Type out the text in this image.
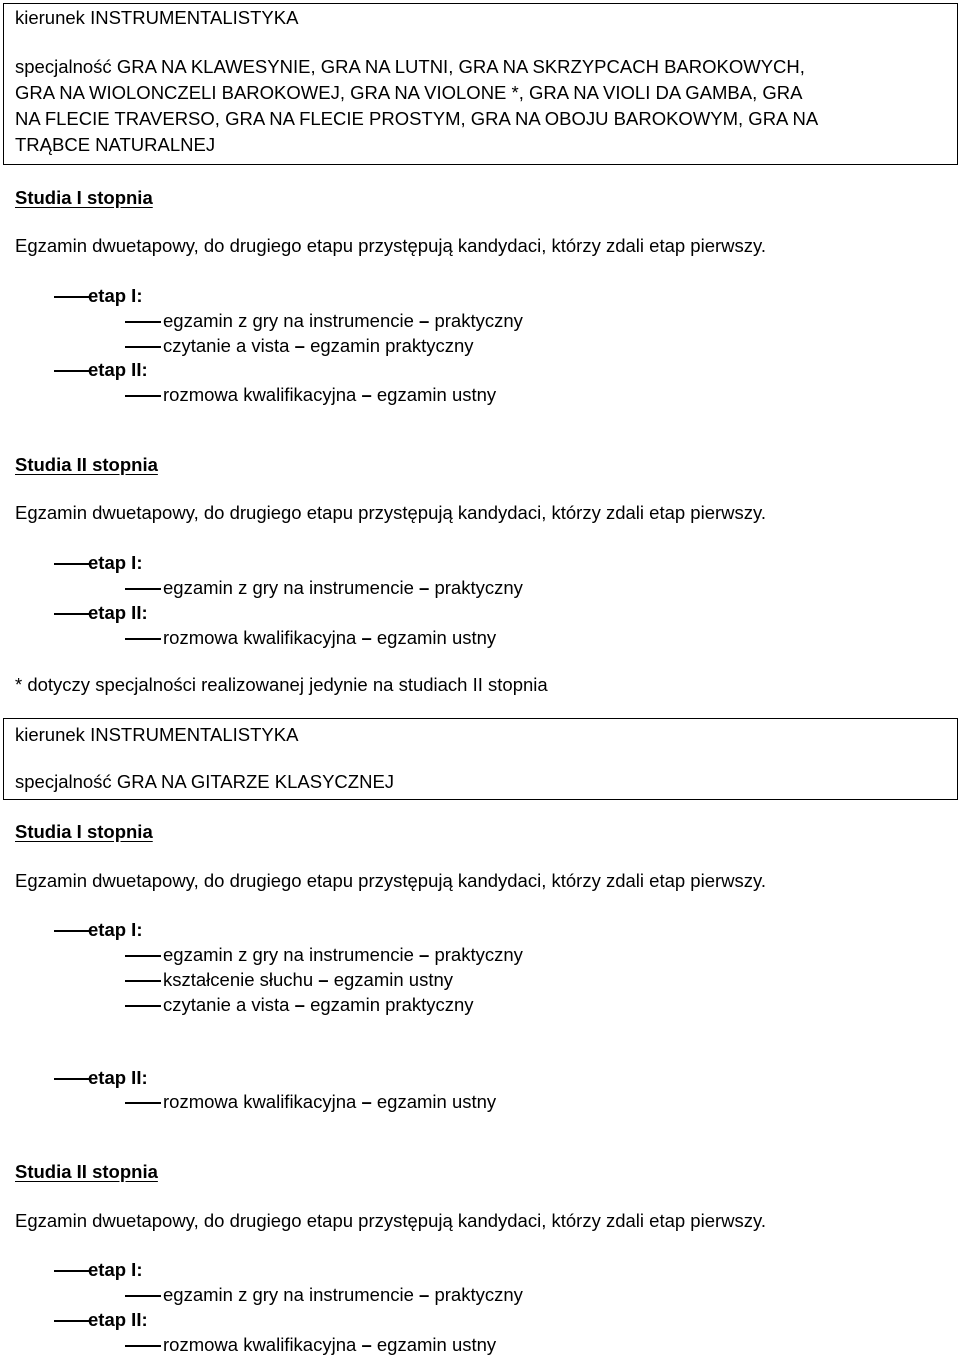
kierunek INSTRUMENTALISTYKA
specjalność GRA NA KLAWESYNIE, GRA NA LUTNI, GRA NA SKRZYPCACH BAROKOWYCH,
GRA NA WIOLONCZELI BAROKOWEJ, GRA NA VIOLONE *, GRA NA VIOLI DA GAMBA, GRA
NA FLECIE TRAVERSO, GRA NA FLECIE PROSTYM, GRA NA OBOJU BAROKOWYM, GRA NA
TRĄBCE NATURALNEJ
Studia I stopnia
Egzamin dwuetapowy, do drugiego etapu przystępują kandydaci, którzy zdali etap pierwszy.
etap I:
egzamin z gry na instrumencie – praktyczny
czytanie a vista – egzamin praktyczny
etap II:
rozmowa kwalifikacyjna – egzamin ustny
Studia II stopnia
Egzamin dwuetapowy, do drugiego etapu przystępują kandydaci, którzy zdali etap pierwszy.
etap I:
egzamin z gry na instrumencie – praktyczny
etap II:
rozmowa kwalifikacyjna – egzamin ustny
* dotyczy specjalności realizowanej jedynie na studiach II stopnia
kierunek INSTRUMENTALISTYKA
specjalność GRA NA GITARZE KLASYCZNEJ
Studia I stopnia
Egzamin dwuetapowy, do drugiego etapu przystępują kandydaci, którzy zdali etap pierwszy.
etap I:
egzamin z gry na instrumencie – praktyczny
kształcenie słuchu – egzamin ustny
czytanie a vista – egzamin praktyczny
etap II:
rozmowa kwalifikacyjna – egzamin ustny
Studia II stopnia
Egzamin dwuetapowy, do drugiego etapu przystępują kandydaci, którzy zdali etap pierwszy.
etap I:
egzamin z gry na instrumencie – praktyczny
etap II:
rozmowa kwalifikacyjna – egzamin ustny
